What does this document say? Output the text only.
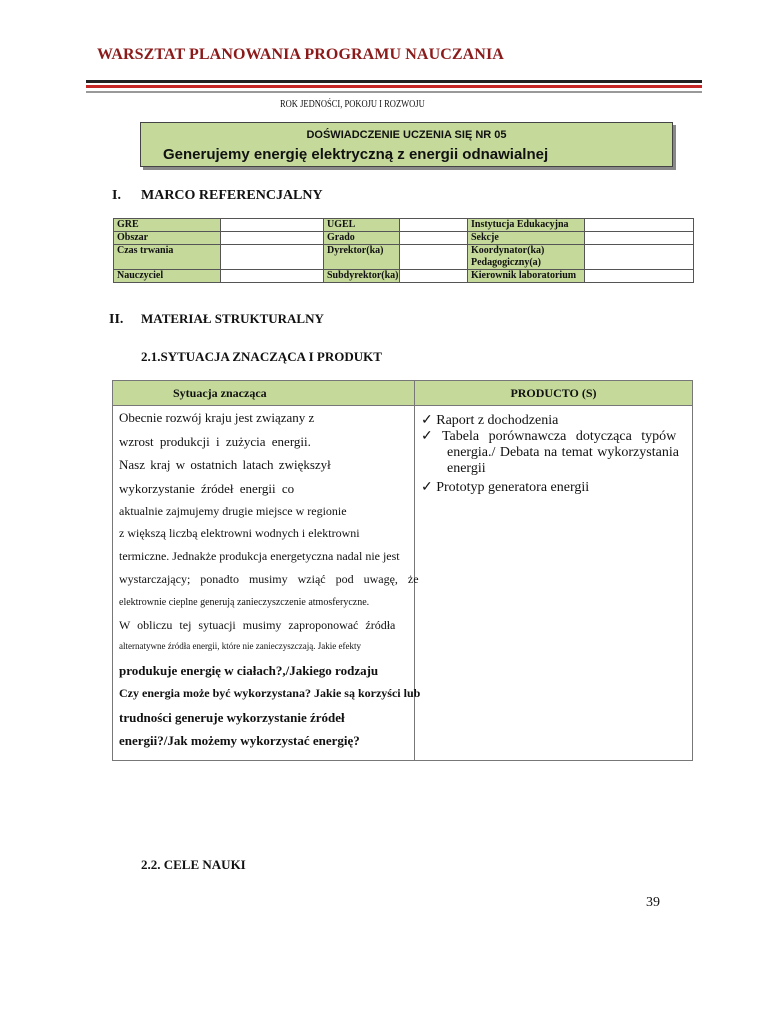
WARSZTAT PLANOWANIA PROGRAMU NAUCZANIA
ROK JEDNOŚCI, POKOJU I ROZWOJU
DOŚWIADCZENIE UCZENIA SIĘ NR 05
Generujemy energię elektryczną z energii odnawialnej
I. MARCO REFERENCJALNY
GRE		UGEL		Instytucja Edukacyjna	
Obszar		Grado		Sekcje	
Czas trwania		Dyrektor(ka)		Koordynator(ka) Pedagogiczny(a)	
Nauczyciel		Subdyrektor(ka)		Kierownik laboratorium	
II. MATERIAŁ STRUKTURALNY
2.1.SYTUACJA ZNACZĄCA I PRODUKT
Sytuacja znacząca	PRODUCTO (S)
Obecnie rozwój kraju jest związany z
wzrost produkcji i zużycia energii.
Nasz kraj w ostatnich latach zwiększył
wykorzystanie źródeł energii co
aktualnie zajmujemy drugie miejsce w regionie
z większą liczbą elektrowni wodnych i elektrowni
termiczne. Jednakże produkcja energetyczna nadal nie jest
wystarczający; ponadto musimy wziąć pod uwagę, że
elektrownie cieplne generują zanieczyszczenie atmosferyczne.
W obliczu tej sytuacji musimy zaproponować źródła
alternatywne źródła energii, które nie zanieczyszczają. Jakie efekty
produkuje energię w ciałach?,/Jakiego rodzaju
Czy energia może być wykorzystana? Jakie są korzyści lub
trudności generuje wykorzystanie źródeł
energii?/Jak możemy wykorzystać energię?
✓ Raport z dochodzenia
✓ Tabela porównawcza dotycząca typów
energia./ Debata na temat wykorzystania
energii
✓ Prototyp generatora energii
2.2. CELE NAUKI
39
